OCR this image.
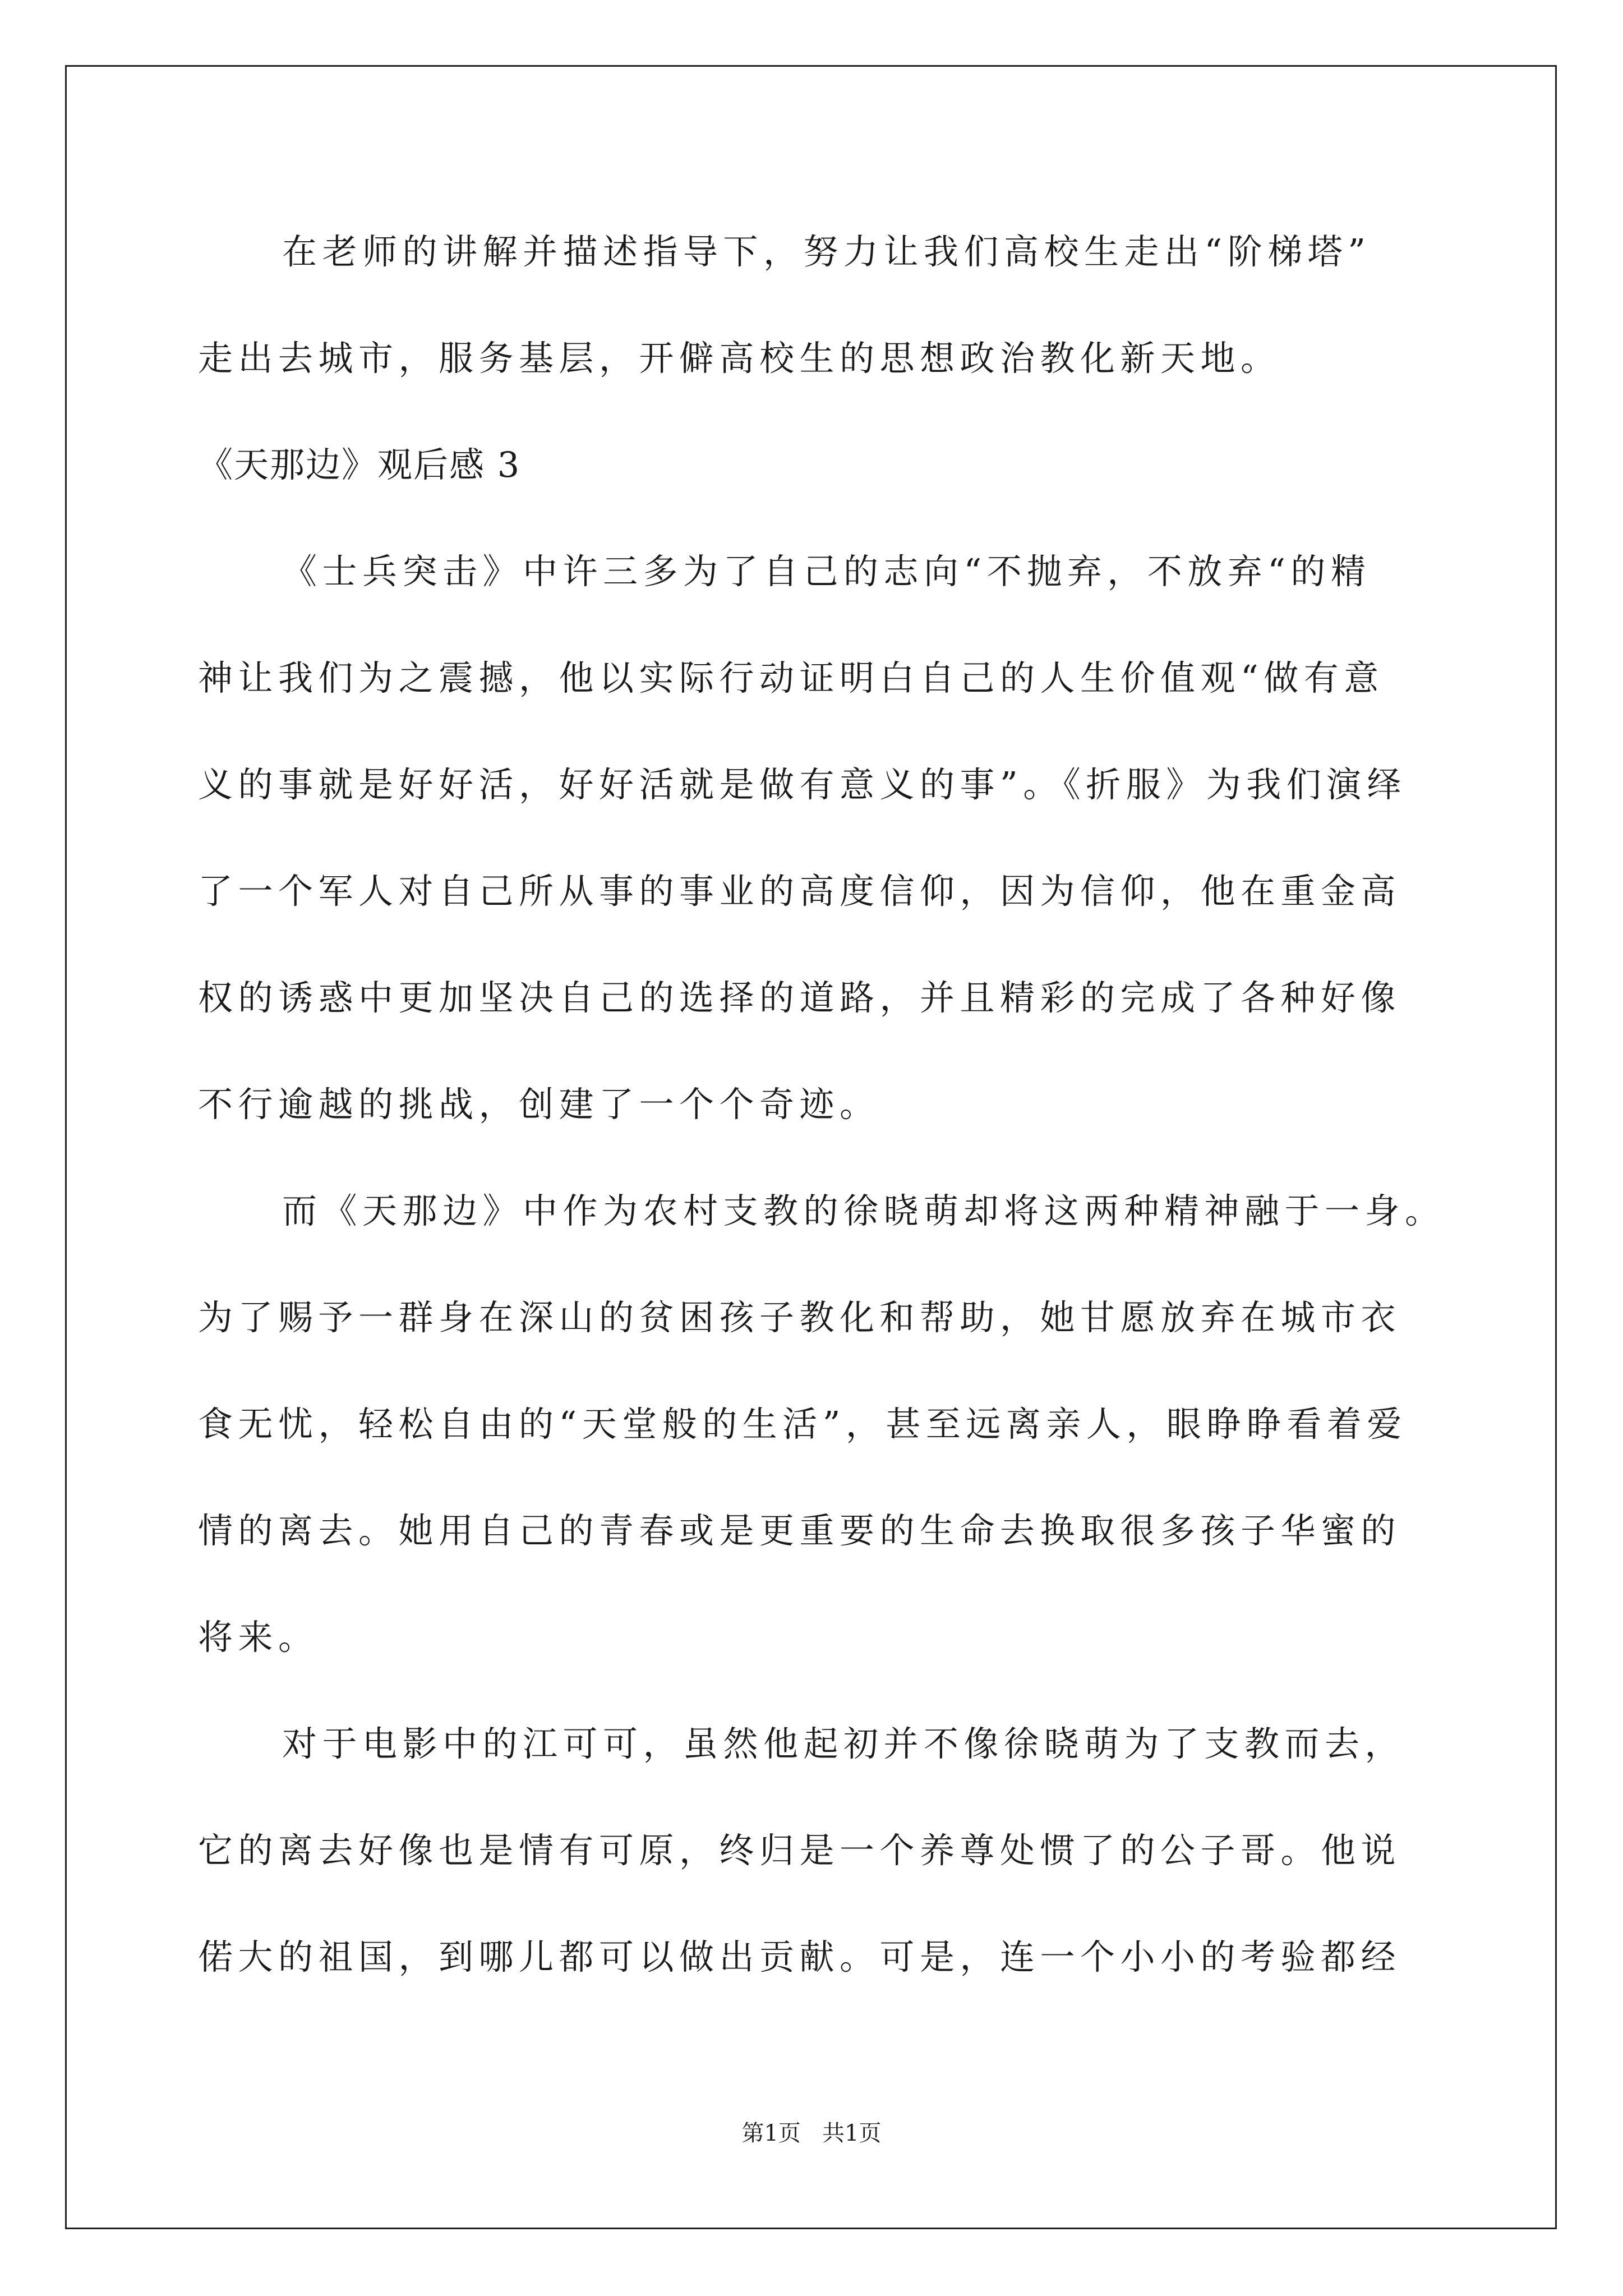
在老师的讲解并描述指导下，努力让我们高校生走出“阶梯塔”
走出去城市，服务基层，开僻高校生的思想政治教化新天地。
《天那边》观后感 3
《士兵突击》中许三多为了自己的志向“不抛弃，不放弃“的精
神让我们为之震撼，他以实际行动证明白自己的人生价值观“做有意
义的事就是好好活，好好活就是做有意义的事”。《折服》为我们演绎
了一个军人对自己所从事的事业的高度信仰，因为信仰，他在重金高
权的诱惑中更加坚决自己的选择的道路，并且精彩的完成了各种好像
不行逾越的挑战，创建了一个个奇迹。
而《天那边》中作为农村支教的徐晓萌却将这两种精神融于一身。
为了赐予一群身在深山的贫困孩子教化和帮助，她甘愿放弃在城市衣
食无忧，轻松自由的“天堂般的生活”，甚至远离亲人，眼睁睁看着爱
情的离去。她用自己的青春或是更重要的生命去换取很多孩子华蜜的
将来。
对于电影中的江可可，虽然他起初并不像徐晓萌为了支教而去，
它的离去好像也是情有可原，终归是一个养尊处惯了的公子哥。他说
偌大的祖国，到哪儿都可以做出贡献。可是，连一个小小的考验都经
第1页   共1页
